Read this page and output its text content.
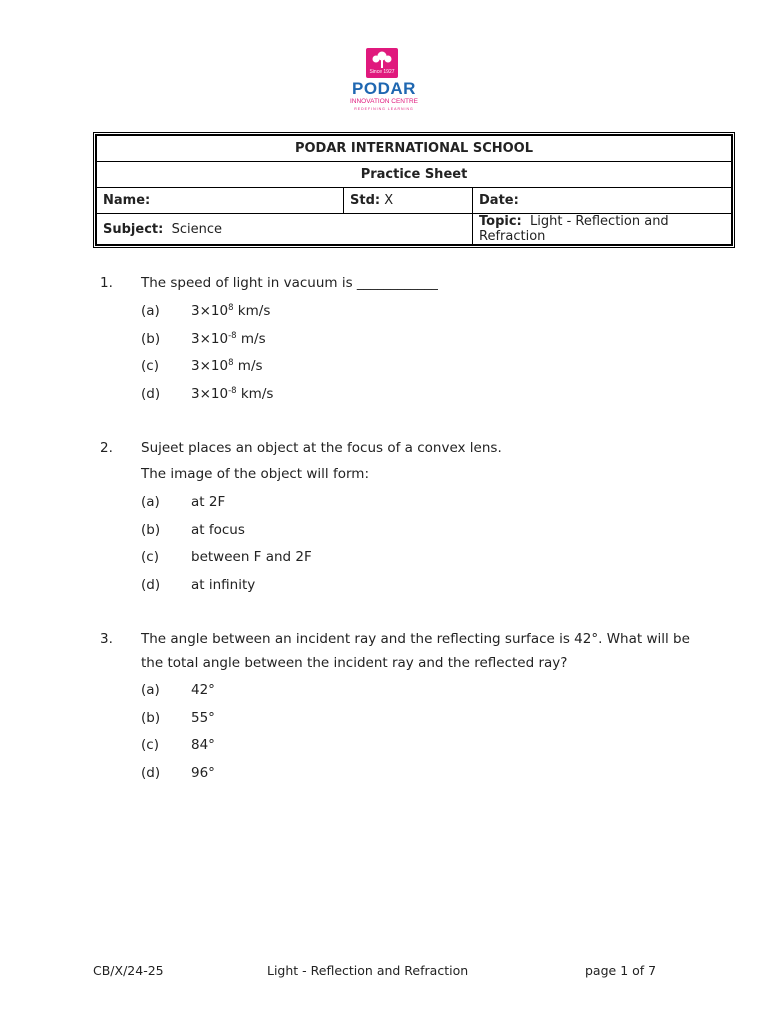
Since 1927
PODAR
INNOVATION CENTRE
REDEFINING LEARNING
PODAR INTERNATIONAL SCHOOL		
Practice Sheet		
Name:	Std: X	Date:
Subject: Science		Topic: Light - Reflection and Refraction
1. The speed of light in vacuum is ____________
(a) $3\times 10^8$ km/s
(b) $3\times 10^{-8}$ m/s
(c) $3\times 10^8$ m/s
(d) $3\times 10^{-8}$ km/s
2. Sujeet places an object at the focus of a convex lens.
The image of the object will form:
(a) at 2F
(b) at focus
(c) between F and 2F
(d) at infinity
3. The angle between an incident ray and the reflecting surface is 42°. What will be
the total angle between the incident ray and the reflected ray?
(a) 42°
(b) 55°
(c) 84°
(d) 96°
CB/X/24-25	Light - Reflection and Refraction	page 1 of 7
